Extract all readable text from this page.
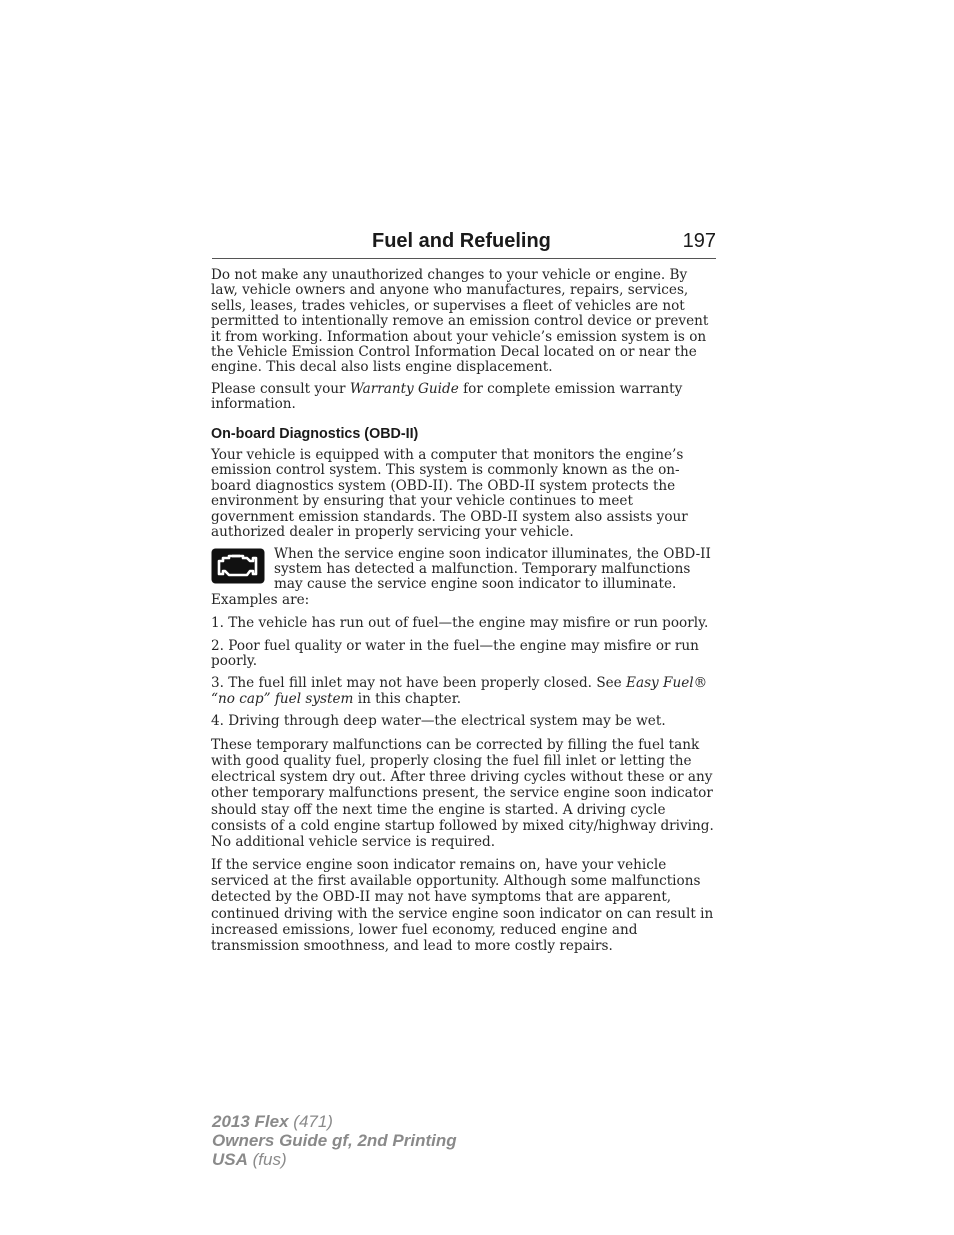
Fuel and Refueling	197

Do not make any unauthorized changes to your vehicle or engine. By law, vehicle owners and anyone who manufactures, repairs, services, sells, leases, trades vehicles, or supervises a fleet of vehicles are not permitted to intentionally remove an emission control device or prevent it from working. Information about your vehicle’s emission system is on the Vehicle Emission Control Information Decal located on or near the engine. This decal also lists engine displacement.

Please consult your Warranty Guide for complete emission warranty information.

On-board Diagnostics (OBD-II)

Your vehicle is equipped with a computer that monitors the engine’s emission control system. This system is commonly known as the on-board diagnostics system (OBD-II). The OBD-II system protects the environment by ensuring that your vehicle continues to meet government emission standards. The OBD-II system also assists your authorized dealer in properly servicing your vehicle.

When the service engine soon indicator illuminates, the OBD-II system has detected a malfunction. Temporary malfunctions may cause the service engine soon indicator to illuminate.

Examples are:

1. The vehicle has run out of fuel—the engine may misfire or run poorly.

2. Poor fuel quality or water in the fuel—the engine may misfire or run poorly.

3. The fuel fill inlet may not have been properly closed. See Easy Fuel® “no cap” fuel system in this chapter.

4. Driving through deep water—the electrical system may be wet.

These temporary malfunctions can be corrected by filling the fuel tank with good quality fuel, properly closing the fuel fill inlet or letting the electrical system dry out. After three driving cycles without these or any other temporary malfunctions present, the service engine soon indicator should stay off the next time the engine is started. A driving cycle consists of a cold engine startup followed by mixed city/highway driving. No additional vehicle service is required.

If the service engine soon indicator remains on, have your vehicle serviced at the first available opportunity. Although some malfunctions detected by the OBD-II may not have symptoms that are apparent, continued driving with the service engine soon indicator on can result in increased emissions, lower fuel economy, reduced engine and transmission smoothness, and lead to more costly repairs.

2013 Flex (471)
Owners Guide gf, 2nd Printing
USA (fus)
